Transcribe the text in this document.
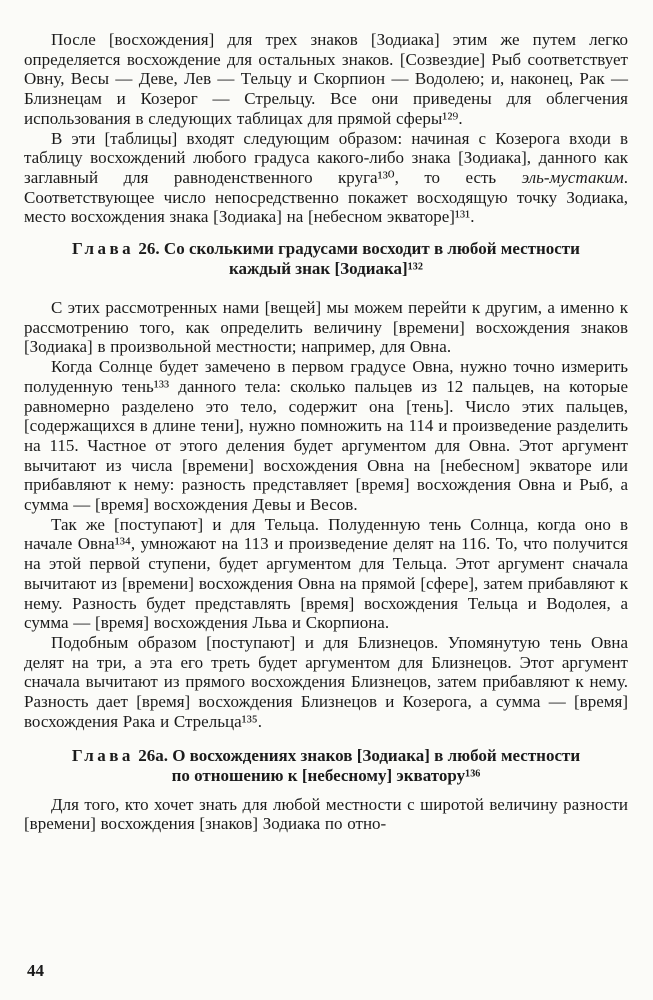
После [восхождения] для трех знаков [Зодиака] этим же путем легко определяется восхождение для остальных знаков. [Созвездие] Рыб соответствует Овну, Весы — Деве, Лев — Тельцу и Скорпион — Водолею; и, наконец, Рак — Близнецам и Козерог — Стрельцу. Все они приведены для облегчения использования в следующих таблицах для прямой сферы¹²⁹.

В эти [таблицы] входят следующим образом: начиная с Козерога входи в таблицу восхождений любого градуса какого-либо знака [Зодиака], данного как заглавный для равноденственного круга¹³⁰, то есть эль-мустаким. Соответствующее число непосредственно покажет восходящую точку Зодиака, место восхождения знака [Зодиака] на [небесном экваторе]¹³¹.

Глава 26. Со сколькими градусами восходит в любой местности
каждый знак [Зодиака]¹³²

С этих рассмотренных нами [вещей] мы можем перейти к другим, а именно к рассмотрению того, как определить величину [времени] восхождения знаков [Зодиака] в произвольной местности; например, для Овна.

Когда Солнце будет замечено в первом градусе Овна, нужно точно измерить полуденную тень¹³³ данного тела: сколько пальцев из 12 пальцев, на которые равномерно разделено это тело, содержит она [тень]. Число этих пальцев, [содержащихся в длине тени], нужно помножить на 114 и произведение разделить на 115. Частное от этого деления будет аргументом для Овна. Этот аргумент вычитают из числа [времени] восхождения Овна на [небесном] экваторе или прибавляют к нему: разность представляет [время] восхождения Овна и Рыб, а сумма — [время] восхождения Девы и Весов.

Так же [поступают] и для Тельца. Полуденную тень Солнца, когда оно в начале Овна¹³⁴, умножают на 113 и произведение делят на 116. То, что получится на этой первой ступени, будет аргументом для Тельца. Этот аргумент сначала вычитают из [времени] восхождения Овна на прямой [сфере], затем прибавляют к нему. Разность будет представлять [время] восхождения Тельца и Водолея, а сумма — [время] восхождения Льва и Скорпиона.

Подобным образом [поступают] и для Близнецов. Упомянутую тень Овна делят на три, а эта его треть будет аргументом для Близнецов. Этот аргумент сначала вычитают из прямого восхождения Близнецов, затем прибавляют к нему. Разность дает [время] восхождения Близнецов и Козерога, а сумма — [время] восхождения Рака и Стрельца¹³⁵.

Глава 26а. О восхождениях знаков [Зодиака] в любой местности
по отношению к [небесному] экватору¹³⁶

Для того, кто хочет знать для любой местности с широтой величину разности [времени] восхождения [знаков] Зодиака по отно-

44
